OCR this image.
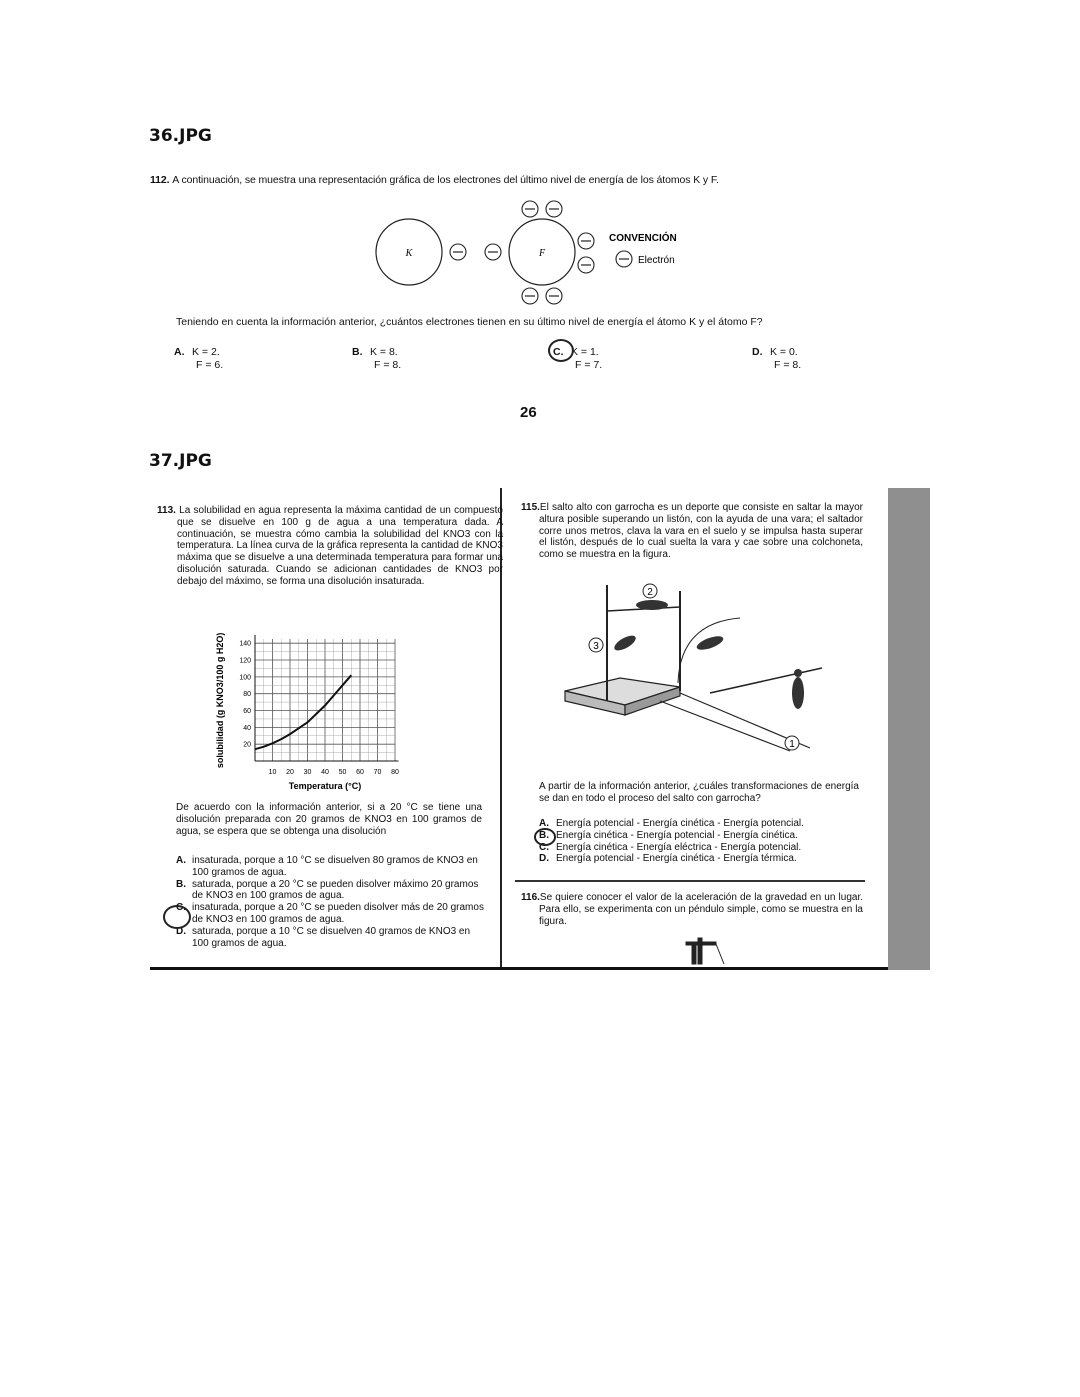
36.JPG
37.JPG
112. A continuación, se muestra una representación gráfica de los electrones del último nivel de energía de los átomos K y F.
K	F
CONVENCIÓN
Electrón
Teniendo en cuenta la información anterior, ¿cuántos electrones tienen en su último nivel de energía el átomo K y el átomo F?
A. K = 2.
F = 6.
B. K = 8.
F = 8.
C. K = 1.
F = 7.
D. K = 0.
F = 8.
26
113. La solubilidad en agua representa la máxima cantidad de un compuesto que se disuelve en 100 g de agua a una temperatura dada. A continuación, se muestra cómo cambia la solubilidad del KNO3 con la temperatura. La línea curva de la gráfica representa la cantidad de KNO3 máxima que se disuelve a una determinada temperatura para formar una disolución saturada. Cuando se adicionan cantidades de KNO3 por debajo del máximo, se forma una disolución insaturada.
10 20 30 40 50 60 70 80
20
40
60
80
100
120
140
Temperatura (°C)
solubilidad (g KNO3/100 g H2O)
De acuerdo con la información anterior, si a 20 °C se tiene una disolución preparada con 20 gramos de KNO3 en 100 gramos de agua, se espera que se obtenga una disolución
A. insaturada, porque a 10 °C se disuelven 80 gramos de KNO3 en 100 gramos de agua.
B. saturada, porque a 20 °C se pueden disolver máximo 20 gramos de KNO3 en 100 gramos de agua.
C. insaturada, porque a 20 °C se pueden disolver más de 20 gramos de KNO3 en 100 gramos de agua.
D. saturada, porque a 10 °C se disuelven 40 gramos de KNO3 en 100 gramos de agua.
115.El salto alto con garrocha es un deporte que consiste en saltar la mayor altura posible superando un listón, con la ayuda de una vara; el saltador corre unos metros, clava la vara en el suelo y se impulsa hasta superar el listón, después de lo cual suelta la vara y cae sobre una colchoneta, como se muestra en la figura.
1
2
3
A partir de la información anterior, ¿cuáles transformaciones de energía se dan en todo el proceso del salto con garrocha?
A. Energía potencial - Energía cinética - Energía potencial.
B. Energía cinética - Energía potencial - Energía cinética.
C. Energía cinética - Energía eléctrica - Energía potencial.
D. Energía potencial - Energía cinética - Energía térmica.
116.Se quiere conocer el valor de la aceleración de la gravedad en un lugar. Para ello, se experimenta con un péndulo simple, como se muestra en la figura.
